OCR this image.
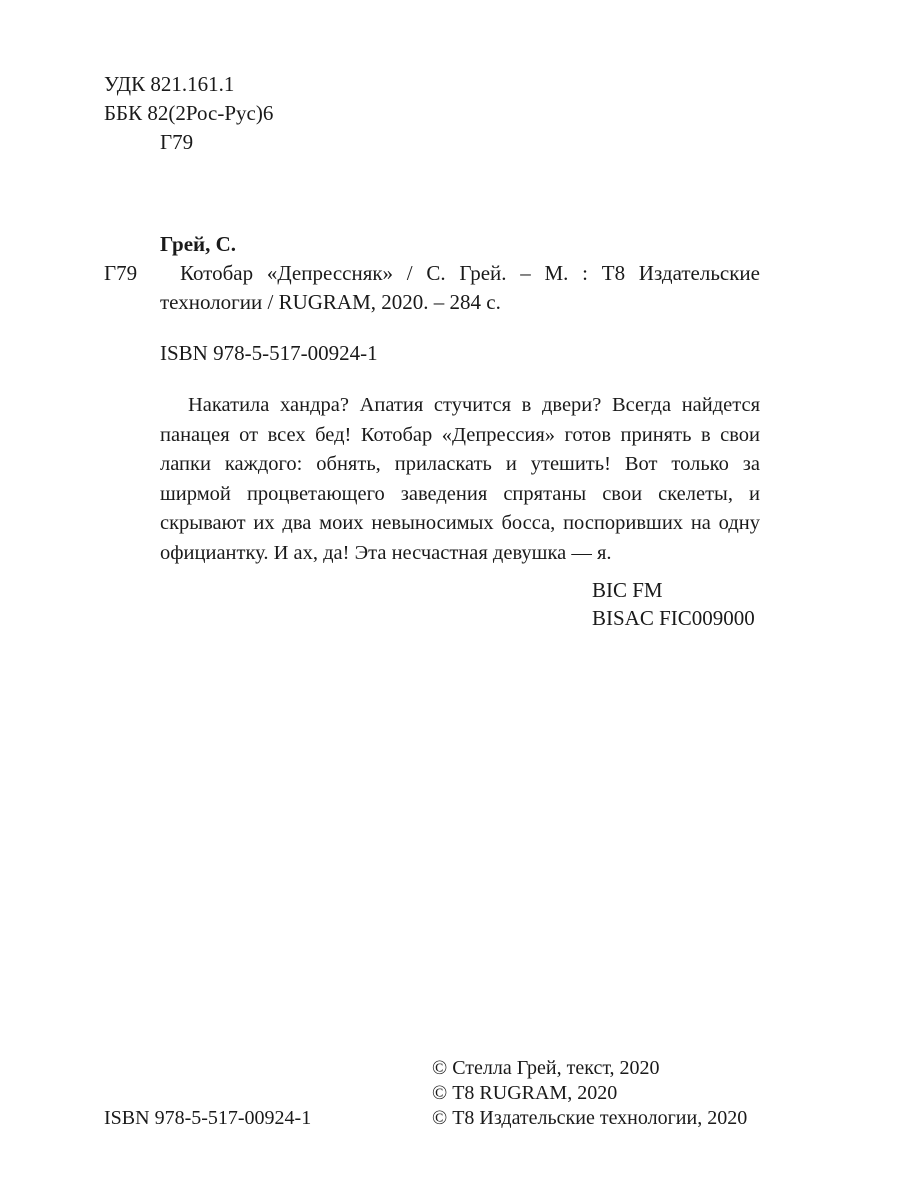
УДК 821.161.1
ББК 82(2Рос-Рус)6
Г79
Грей, С.
Г79 Котобар «Депрессняк» / С. Грей. – М. : Т8 Издательские
технологии / RUGRAM, 2020. – 284 с.
ISBN 978-5-517-00924-1

Накатила хандра? Апатия стучится в двери? Всегда найдется панацея от всех бед! Котобар «Депрессия» готов принять в свои лапки каждого: обнять, приласкать и утешить! Вот только за ширмой процветающего заведения спрятаны свои скелеты, и скрывают их два моих невыносимых босса, поспоривших на одну официантку. И ах, да! Эта несчастная девушка — я.

BIC FM
BISAC FIC009000
© Стелла Грей, текст, 2020
© Т8 RUGRAM, 2020
ISBN 978-5-517-00924-1	© Т8 Издательские технологии, 2020
